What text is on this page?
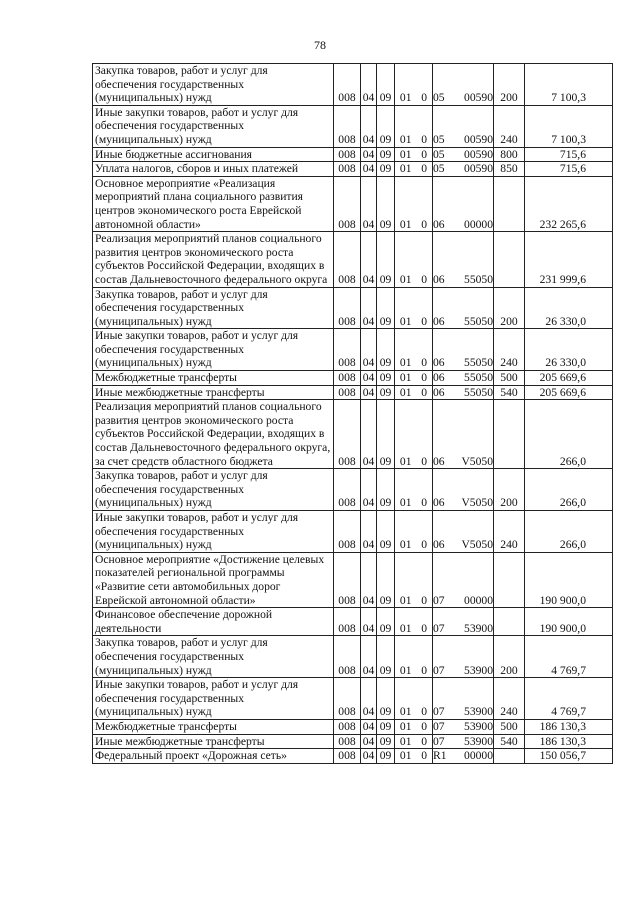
78
Закупка товаров, работ и услуг для обеспечения государственных (муниципальных) нужд	008	04	09	01 0	05 00590	200	7 100,3
Иные закупки товаров, работ и услуг для обеспечения государственных (муниципальных) нужд	008	04	09	01 0	05 00590	240	7 100,3
Иные бюджетные ассигнования	008	04	09	01 0	05 00590	800	715,6
Уплата налогов, сборов и иных платежей	008	04	09	01 0	05 00590	850	715,6
Основное мероприятие «Реализация мероприятий плана социального развития центров экономического роста Еврейской автономной области»	008	04	09	01 0	06 00000		232 265,6
Реализация мероприятий планов социального развития центров экономического роста субъектов Российской Федерации, входящих в состав Дальневосточного федерального округа	008	04	09	01 0	06 55050		231 999,6
Закупка товаров, работ и услуг для обеспечения государственных (муниципальных) нужд	008	04	09	01 0	06 55050	200	26 330,0
Иные закупки товаров, работ и услуг для обеспечения государственных (муниципальных) нужд	008	04	09	01 0	06 55050	240	26 330,0
Межбюджетные трансферты	008	04	09	01 0	06 55050	500	205 669,6
Иные межбюджетные трансферты	008	04	09	01 0	06 55050	540	205 669,6
Реализация мероприятий планов социального развития центров экономического роста субъектов Российской Федерации, входящих в состав Дальневосточного федерального округа, за счет средств областного бюджета	008	04	09	01 0	06 V5050		266,0
Закупка товаров, работ и услуг для обеспечения государственных (муниципальных) нужд	008	04	09	01 0	06 V5050	200	266,0
Иные закупки товаров, работ и услуг для обеспечения государственных (муниципальных) нужд	008	04	09	01 0	06 V5050	240	266,0
Основное мероприятие «Достижение целевых показателей региональной программы «Развитие сети автомобильных дорог Еврейской автономной области»	008	04	09	01 0	07 00000		190 900,0
Финансовое обеспечение дорожной деятельности	008	04	09	01 0	07 53900		190 900,0
Закупка товаров, работ и услуг для обеспечения государственных (муниципальных) нужд	008	04	09	01 0	07 53900	200	4 769,7
Иные закупки товаров, работ и услуг для обеспечения государственных (муниципальных) нужд	008	04	09	01 0	07 53900	240	4 769,7
Межбюджетные трансферты	008	04	09	01 0	07 53900	500	186 130,3
Иные межбюджетные трансферты	008	04	09	01 0	07 53900	540	186 130,3
Федеральный проект «Дорожная сеть»	008	04	09	01 0	R1 00000		150 056,7
